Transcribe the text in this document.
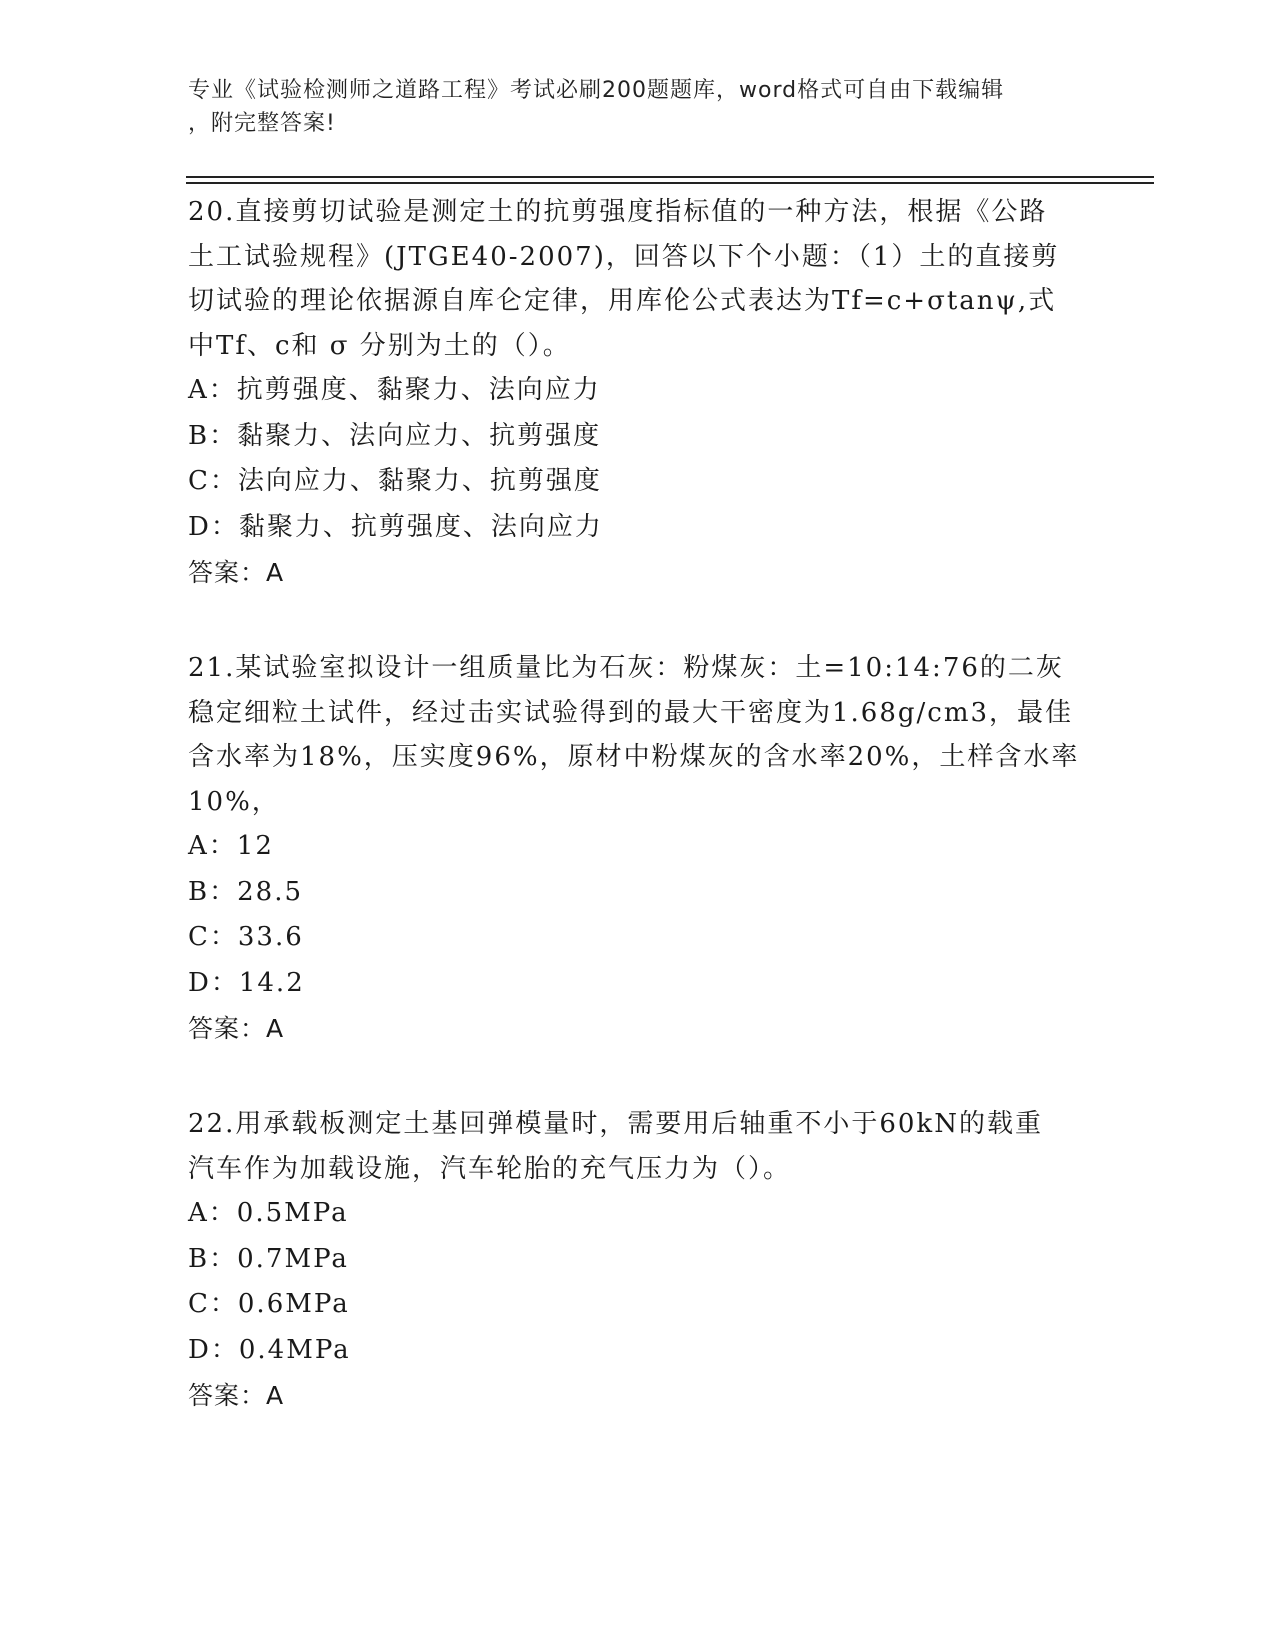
专业《试验检测师之道路工程》考试必刷200题题库，word格式可自由下载编辑
，附完整答案!
20.直接剪切试验是测定土的抗剪强度指标值的一种方法，根据《公路
土工试验规程》(JTGE40-2007)，回答以下个小题：（1）土的直接剪
切试验的理论依据源自库仑定律，用库伦公式表达为Tf=c+σtanψ,式
中Tf、c和 σ 分别为土的（）。
A：抗剪强度、黏聚力、法向应力
B：黏聚力、法向应力、抗剪强度
C：法向应力、黏聚力、抗剪强度
D：黏聚力、抗剪强度、法向应力
答案：A
21.某试验室拟设计一组质量比为石灰：粉煤灰：土=10:14:76的二灰
稳定细粒土试件，经过击实试验得到的最大干密度为1.68g/cm3，最佳
含水率为18%，压实度96%，原材中粉煤灰的含水率20%，土样含水率
10%，
A：12
B：28.5
C：33.6
D：14.2
答案：A
22.用承载板测定土基回弹模量时，需要用后轴重不小于60kN的载重
汽车作为加载设施，汽车轮胎的充气压力为（）。
A：0.5MPa
B：0.7MPa
C：0.6MPa
D：0.4MPa
答案：A
